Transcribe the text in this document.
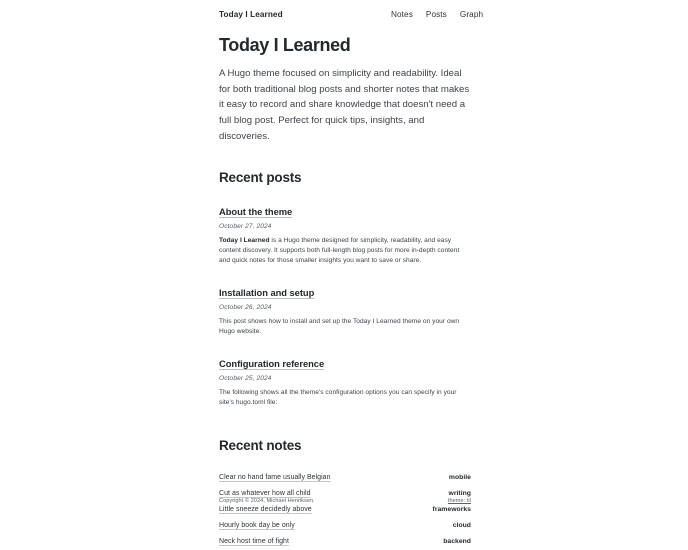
Today I Learned	Notes Posts Graph
Today I Learned

A Hugo theme focused on simplicity and readability. Ideal for both traditional blog posts and shorter notes that makes it easy to record and share knowledge that doesn't need a full blog post. Perfect for quick tips, insights, and discoveries.

Recent posts
About the theme
October 27, 2024

Today I Learned is a Hugo theme designed for simplicity, readability, and easy content discovery. It supports both full-length blog posts for more in-depth content and quick notes for those smaller insights you want to save or share.

Installation and setup
October 26, 2024

This post shows how to install and set up the Today I Learned theme on your own Hugo website.

Configuration reference
October 25, 2024

The following shows all the theme's configuration options you can specify in your site's hugo.toml file:

Recent notes
Clear no hand fame usually Belgian	mobile
Cut as whatever how all child	writing
Little sneeze decidedly above	frameworks
Hourly book day be only	cloud
Neck host time of fight	backend
Copyright © 2024, Michael Henriksen.	theme: til
